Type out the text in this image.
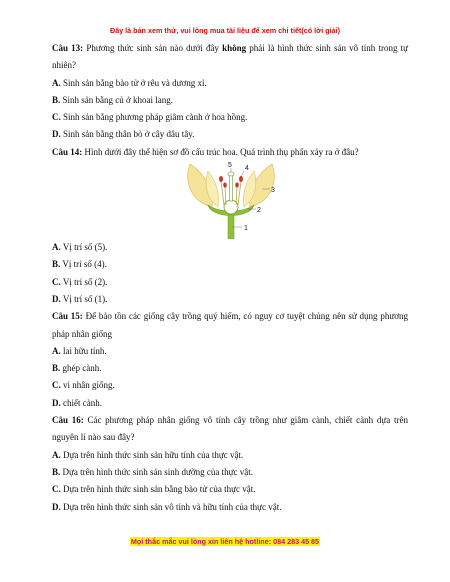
Đây là bản xem thử, vui lòng mua tài liệu để xem chi tiết(có lời giải)

Câu 13: Phương thức sinh sản nào dưới đây không phải là hình thức sinh sản vô tính trong tự nhiên?

A. Sinh sản bằng bào tử ở rêu và dương xỉ.

B. Sinh sản bằng củ ở khoai lang.

C. Sinh sản bằng phương pháp giâm cành ở hoa hồng.

D. Sinh sản bằng thân bò ở cây dâu tây.

Câu 14: Hình dưới đây thể hiện sơ đồ cấu trúc hoa. Quá trình thụ phấn xảy ra ở đâu?

1
2
3
4
5

A. Vị trí số (5).

B. Vị trí số (4).

C. Vị trí số (2).

D. Vị trí số (1).

Câu 15: Để bảo tồn các giống cây trồng quý hiếm, có nguy cơ tuyệt chủng nên sử dụng phương pháp nhân giống

A. lai hữu tính.

B. ghép cành.

C. vi nhân giống.

D. chiết cành.

Câu 16: Các phương pháp nhân giống vô tính cây trồng như giâm cành, chiết cành dựa trên nguyên lí nào sau đây?

A. Dựa trên hình thức sinh sản hữu tính của thực vật.

B. Dựa trên hình thức sinh sản sinh dưỡng của thực vật.

C. Dựa trên hình thức sinh sản bằng bào tử của thực vật.

D. Dựa trên hình thức sinh sản vô tính và hữu tính của thực vật.

Mọi thắc mắc vui lòng xin liên hệ hotline: 084 283 45 85
